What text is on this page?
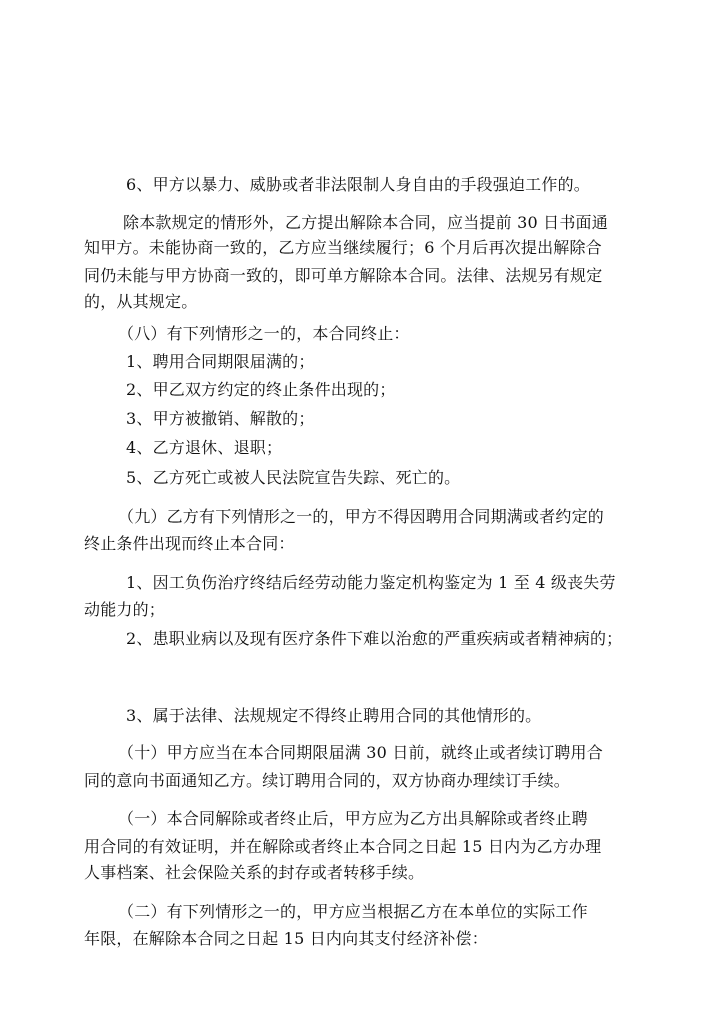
6、甲方以暴力、威胁或者非法限制人身自由的手段强迫工作的。
除本款规定的情形外，乙方提出解除本合同，应当提前 30 日书面通
知甲方。未能协商一致的，乙方应当继续履行；6 个月后再次提出解除合
同仍未能与甲方协商一致的，即可单方解除本合同。法律、法规另有规定
的，从其规定。
（八）有下列情形之一的，本合同终止：
1、聘用合同期限届满的；
2、甲乙双方约定的终止条件出现的；
3、甲方被撤销、解散的；
4、乙方退休、退职；
5、乙方死亡或被人民法院宣告失踪、死亡的。
（九）乙方有下列情形之一的，甲方不得因聘用合同期满或者约定的
终止条件出现而终止本合同：
1、因工负伤治疗终结后经劳动能力鉴定机构鉴定为 1 至 4 级丧失劳
动能力的；
2、患职业病以及现有医疗条件下难以治愈的严重疾病或者精神病的；
3、属于法律、法规规定不得终止聘用合同的其他情形的。
（十）甲方应当在本合同期限届满 30 日前，就终止或者续订聘用合
同的意向书面通知乙方。续订聘用合同的，双方协商办理续订手续。
（一）本合同解除或者终止后，甲方应为乙方出具解除或者终止聘
用合同的有效证明，并在解除或者终止本合同之日起 15 日内为乙方办理
人事档案、社会保险关系的封存或者转移手续。
（二）有下列情形之一的，甲方应当根据乙方在本单位的实际工作
年限，在解除本合同之日起 15 日内向其支付经济补偿：
